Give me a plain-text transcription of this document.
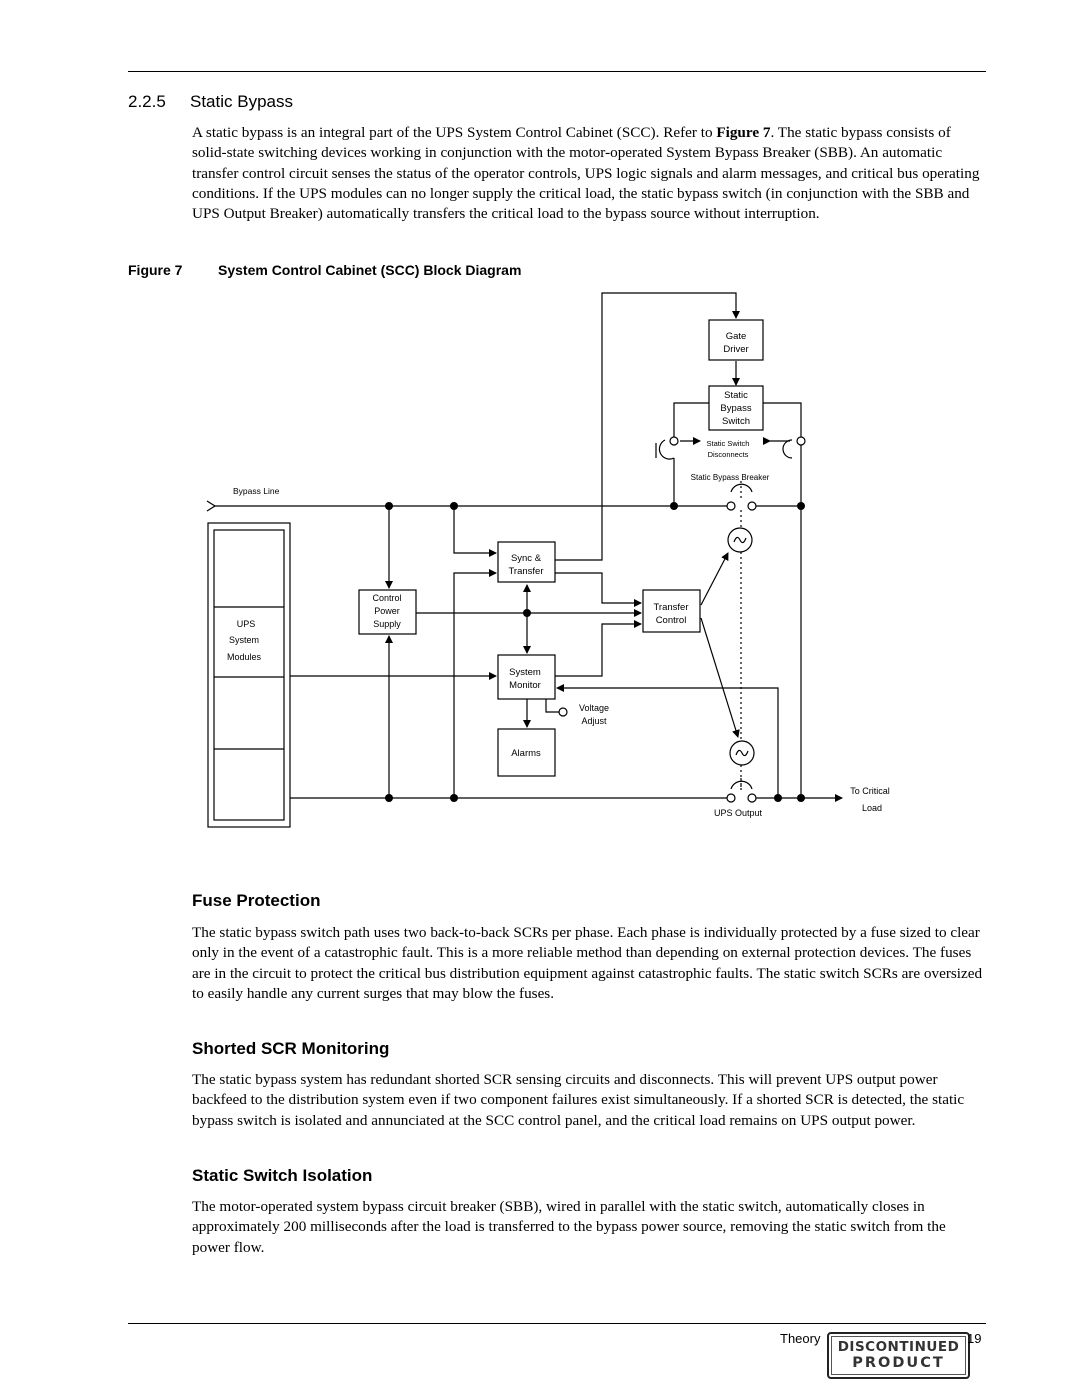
2.2.5 Static Bypass

A static bypass is an integral part of the UPS System Control Cabinet (SCC). Refer to Figure 7. The static bypass consists of solid-state switching devices working in conjunction with the motor-operated System Bypass Breaker (SBB). An automatic transfer control circuit senses the status of the operator controls, UPS logic signals and alarm messages, and critical bus operating conditions. If the UPS modules can no longer supply the critical load, the static bypass switch (in conjunction with the SBB and UPS Output Breaker) automatically transfers the critical load to the bypass source without interruption.

Figure 7	System Control Cabinet (SCC) Block Diagram

Gate
Driver
Static
Bypass
Switch
Static Switch
Disconnects
Static Bypass Breaker
Bypass Line
Sync &
Transfer
Control
Power
Supply
UPS
System
Modules
Transfer
Control
System
Monitor
Voltage
Adjust
Alarms
To Critical
Load
UPS Output
Fuse Protection

The static bypass switch path uses two back-to-back SCRs per phase. Each phase is individually protected by a fuse sized to clear only in the event of a catastrophic fault. This is a more reliable method than depending on external protection devices. The fuses are in the circuit to protect the critical bus distribution equipment against catastrophic faults. The static switch SCRs are oversized to easily handle any current surges that may blow the fuses.

Shorted SCR Monitoring

The static bypass system has redundant shorted SCR sensing circuits and disconnects. This will prevent UPS output power backfeed to the distribution system even if two component failures exist simultaneously. If a shorted SCR is detected, the static bypass switch is isolated and annunciated at the SCC control panel, and the critical load remains on UPS output power.

Static Switch Isolation

The motor-operated system bypass circuit breaker (SBB), wired in parallel with the static switch, automatically closes in approximately 200 milliseconds after the load is transferred to the bypass power source, removing the static switch from the power flow.

Theory
DISCONTINUED
PRODUCT
19
